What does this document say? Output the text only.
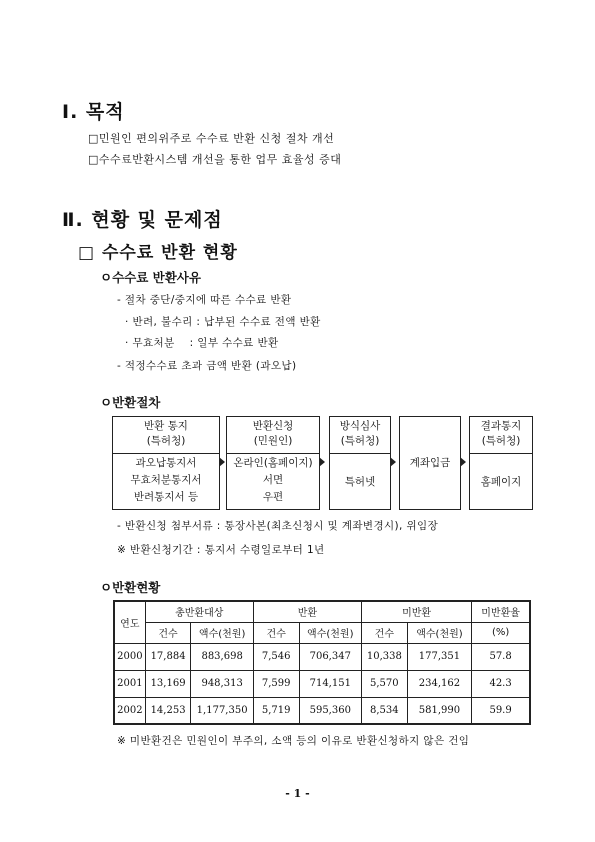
Ⅰ. 목적
□민원인 편의위주로 수수료 반환 신청 절차 개선
□수수료반환시스템 개선을 통한 업무 효율성 증대
Ⅱ. 현황 및 문제점
□ 수수료 반환 현황
ㅇ수수료 반환사유
- 절차 중단/중지에 따른 수수료 반환
· 반려, 불수리 : 납부된 수수료 전액 반환
· 무효처분    : 일부 수수료 반환
- 적정수수료 초과 금액 반환 (과오납)
ㅇ반환절차
반환 통지
(특허청)
과오납통지서
무효처분통지서
반려통지서 등
반환신청
(민원인)
온라인(홈페이지)
서면
우편
방식심사
(특허청)
특허넷
계좌입금
결과통지
(특허청)
홈페이지
- 반환신청 첨부서류 : 통장사본(최초신청시 및 계좌변경시), 위임장
※ 반환신청기간 : 통지서 수령일로부터 1년
ㅇ반환현황
연도	총반환대상		반환		미반환		미반환율
	건수	액수(천원)	건수	액수(천원)	건수	액수(천원)	(%)
2000	17,884	883,698	7,546	706,347	10,338	177,351	57.8
2001	13,169	948,313	7,599	714,151	5,570	234,162	42.3
2002	14,253	1,177,350	5,719	595,360	8,534	581,990	59.9
※ 미반환건은 민원인이 부주의, 소액 등의 이유로 반환신청하지 않은 건임
- 1 -
